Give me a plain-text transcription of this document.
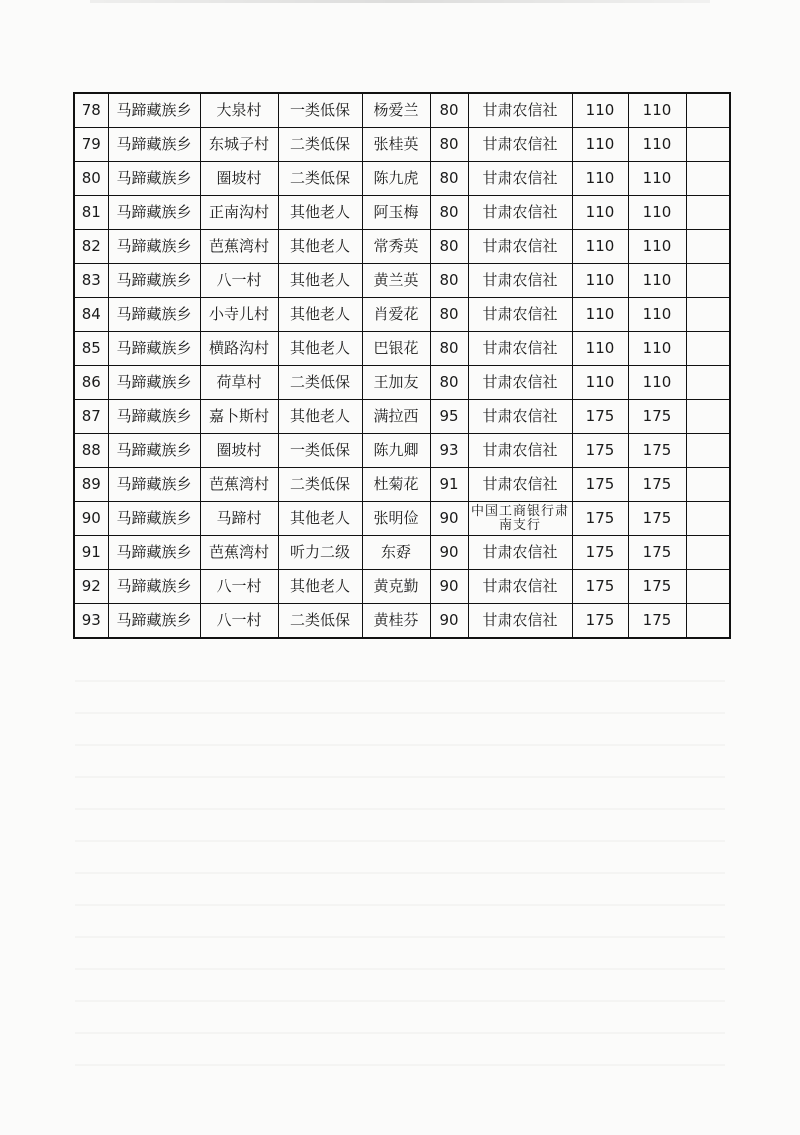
78	马蹄藏族乡	大泉村	一类低保	杨爱兰	80	甘肃农信社	110	110	
79	马蹄藏族乡	东城子村	二类低保	张桂英	80	甘肃农信社	110	110	
80	马蹄藏族乡	圈坡村	二类低保	陈九虎	80	甘肃农信社	110	110	
81	马蹄藏族乡	正南沟村	其他老人	阿玉梅	80	甘肃农信社	110	110	
82	马蹄藏族乡	芭蕉湾村	其他老人	常秀英	80	甘肃农信社	110	110	
83	马蹄藏族乡	八一村	其他老人	黄兰英	80	甘肃农信社	110	110	
84	马蹄藏族乡	小寺儿村	其他老人	肖爱花	80	甘肃农信社	110	110	
85	马蹄藏族乡	横路沟村	其他老人	巴银花	80	甘肃农信社	110	110	
86	马蹄藏族乡	荷草村	二类低保	王加友	80	甘肃农信社	110	110	
87	马蹄藏族乡	嘉卜斯村	其他老人	满拉西	95	甘肃农信社	175	175	
88	马蹄藏族乡	圈坡村	一类低保	陈九卿	93	甘肃农信社	175	175	
89	马蹄藏族乡	芭蕉湾村	二类低保	杜菊花	91	甘肃农信社	175	175	
90	马蹄藏族乡	马蹄村	其他老人	张明俭	90	中国工商银行肃南支行	175	175	
91	马蹄藏族乡	芭蕉湾村	听力二级	东孬	90	甘肃农信社	175	175	
92	马蹄藏族乡	八一村	其他老人	黄克勤	90	甘肃农信社	175	175	
93	马蹄藏族乡	八一村	二类低保	黄桂芬	90	甘肃农信社	175	175	
